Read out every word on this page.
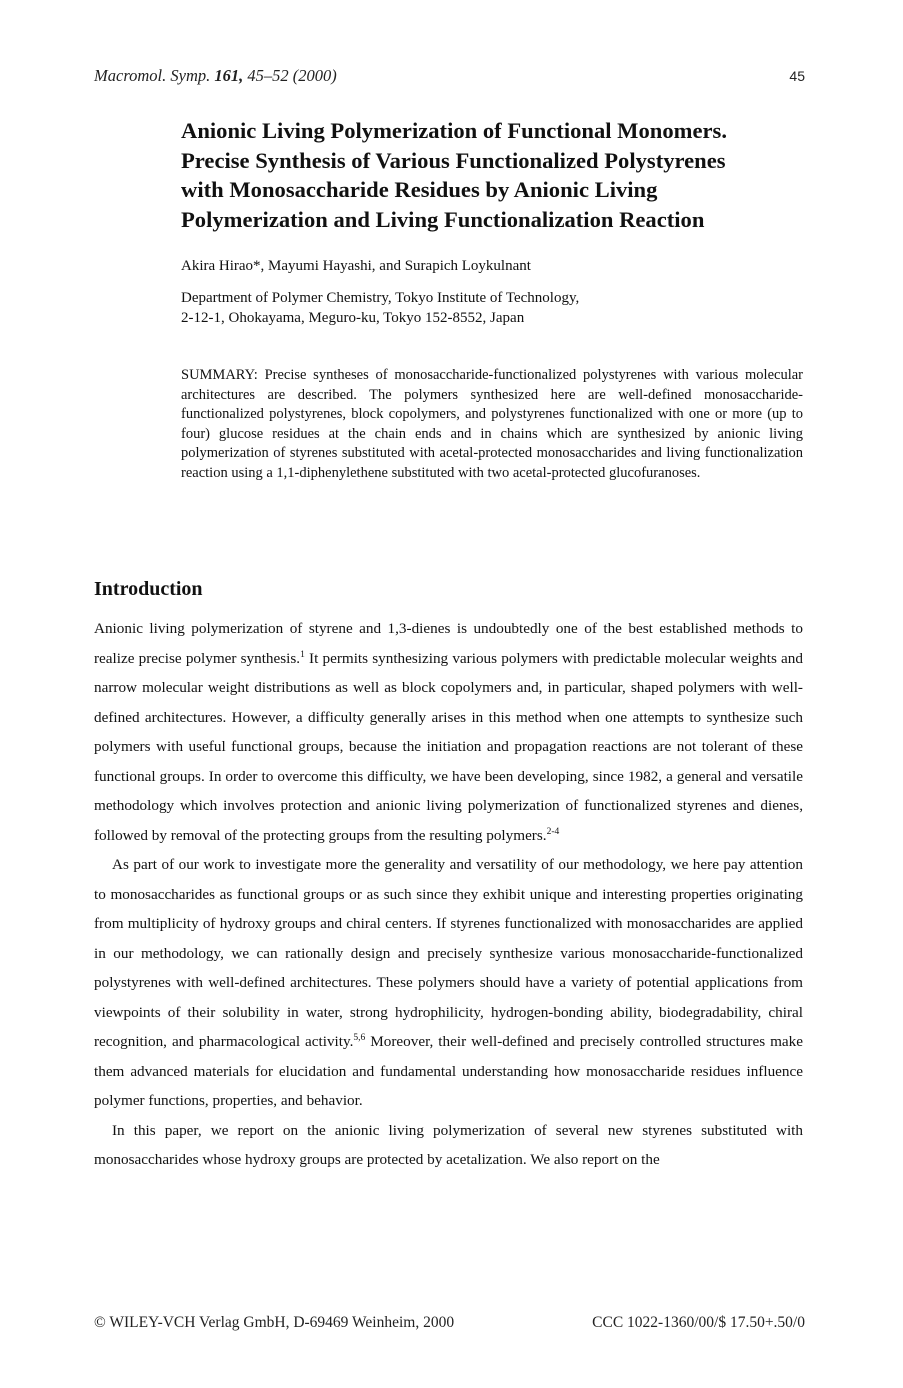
Macromol. Symp. 161, 45–52 (2000)	45
Anionic Living Polymerization of Functional Monomers.
Precise Synthesis of Various Functionalized Polystyrenes
with Monosaccharide Residues by Anionic Living
Polymerization and Living Functionalization Reaction
Akira Hirao*, Mayumi Hayashi, and Surapich Loykulnant
Department of Polymer Chemistry, Tokyo Institute of Technology,
2-12-1, Ohokayama, Meguro-ku, Tokyo 152-8552, Japan

SUMMARY: Precise syntheses of monosaccharide-functionalized polystyrenes with various molecular architectures are described. The polymers synthesized here are well-defined monosaccharide-functionalized polystyrenes, block copolymers, and polystyrenes functionalized with one or more (up to four) glucose residues at the chain ends and in chains which are synthesized by anionic living polymerization of styrenes substituted with acetal-protected monosaccharides and living functionalization reaction using a 1,1-diphenylethene substituted with two acetal-protected glucofuranoses.

Introduction

Anionic living polymerization of styrene and 1,3-dienes is undoubtedly one of the best established methods to realize precise polymer synthesis.$^1$ It permits synthesizing various polymers with predictable molecular weights and narrow molecular weight distributions as well as block copolymers and, in particular, shaped polymers with well-defined architectures. However, a difficulty generally arises in this method when one attempts to synthesize such polymers with useful functional groups, because the initiation and propagation reactions are not tolerant of these functional groups. In order to overcome this difficulty, we have been developing, since 1982, a general and versatile methodology which involves protection and anionic living polymerization of functionalized styrenes and dienes, followed by removal of the protecting groups from the resulting polymers.$^{2-4}$

As part of our work to investigate more the generality and versatility of our methodology, we here pay attention to monosaccharides as functional groups or as such since they exhibit unique and interesting properties originating from multiplicity of hydroxy groups and chiral centers. If styrenes functionalized with monosaccharides are applied in our methodology, we can rationally design and precisely synthesize various monosaccharide-functionalized polystyrenes with well-defined architectures. These polymers should have a variety of potential applications from viewpoints of their solubility in water, strong hydrophilicity, hydrogen-bonding ability, biodegradability, chiral recognition, and pharmacological activity.$^{5,6}$ Moreover, their well-defined and precisely controlled structures make them advanced materials for elucidation and fundamental understanding how monosaccharide residues influence polymer functions, properties, and behavior.

In this paper, we report on the anionic living polymerization of several new styrenes substituted with monosaccharides whose hydroxy groups are protected by acetalization. We also report on the

© WILEY-VCH Verlag GmbH, D-69469 Weinheim, 2000	CCC 1022-1360/00/$ 17.50+.50/0
